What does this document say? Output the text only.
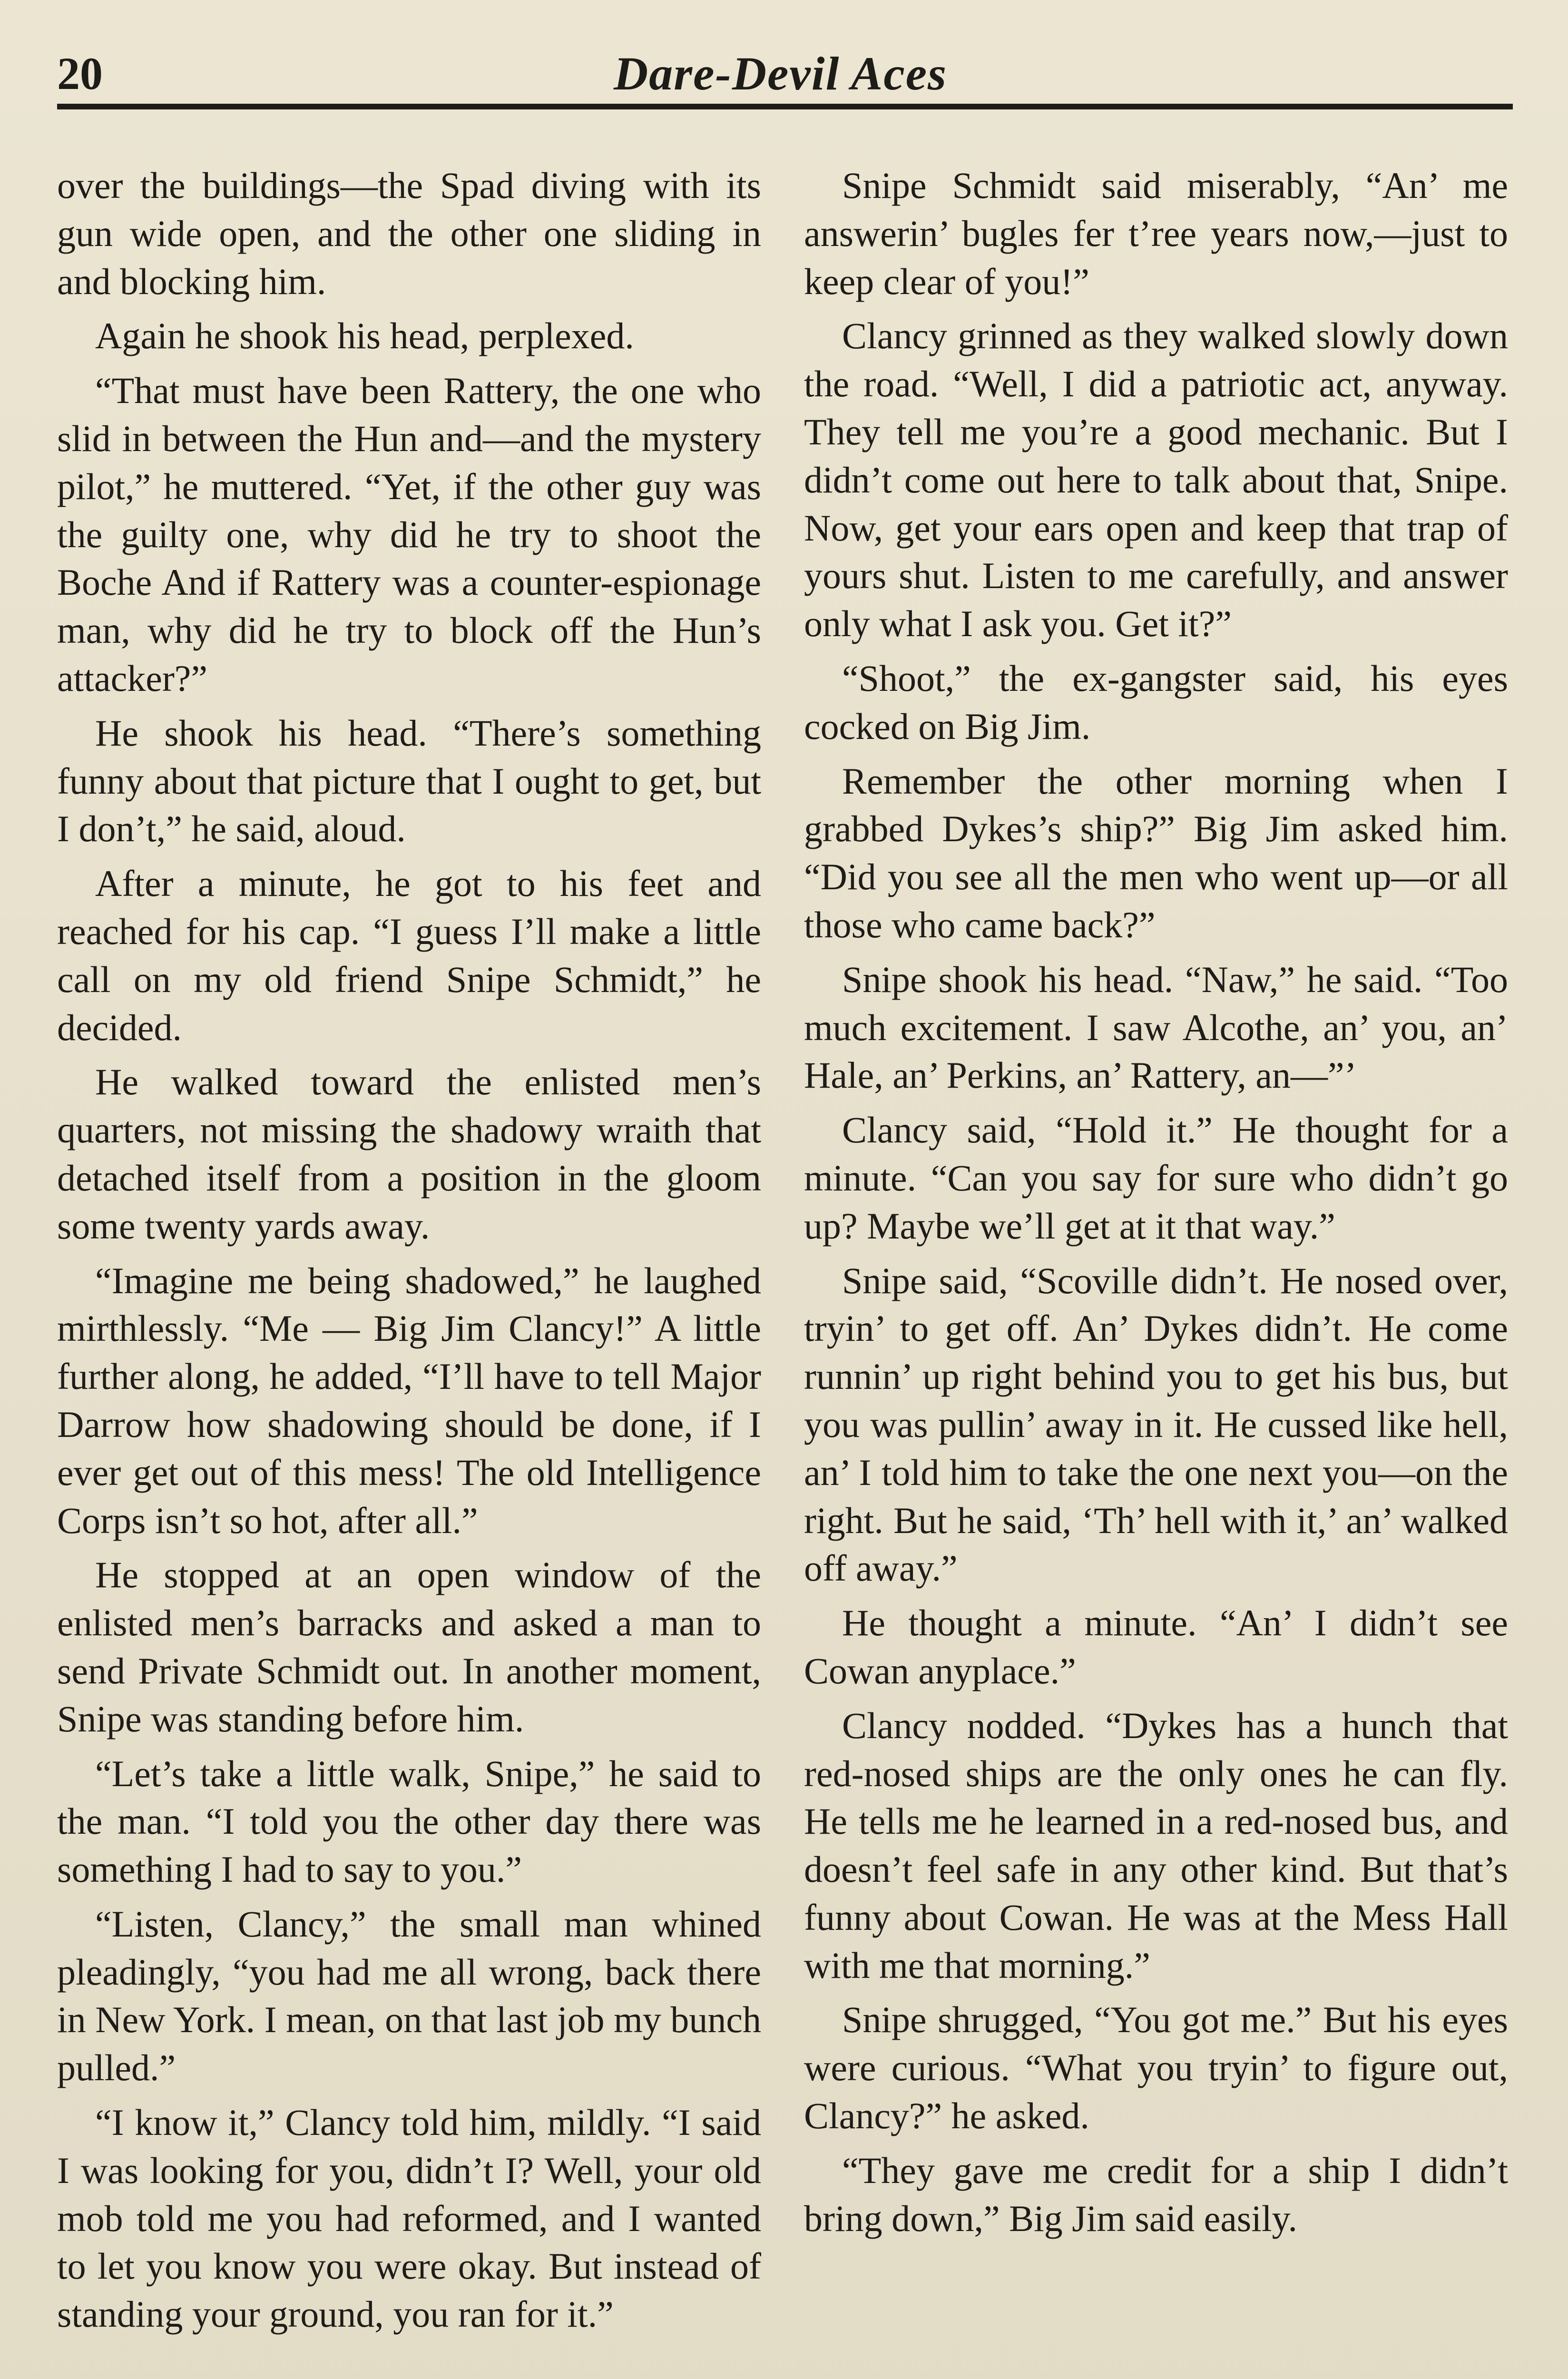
20	Dare-Devil Aces

over the buildings—the Spad diving with its gun wide open, and the other one sliding in and blocking him.

Again he shook his head, perplexed.

“That must have been Rattery, the one who slid in between the Hun and—and the mystery pilot,” he muttered. “Yet, if the other guy was the guilty one, why did he try to shoot the Boche And if Rattery was a counter-espionage man, why did he try to block off the Hun’s attacker?”

He shook his head. “There’s something funny about that picture that I ought to get, but I don’t,” he said, aloud.

After a minute, he got to his feet and reached for his cap. “I guess I’ll make a little call on my old friend Snipe Schmidt,” he decided.

He walked toward the enlisted men’s quarters, not missing the shadowy wraith that detached itself from a position in the gloom some twenty yards away.

“Imagine me being shadowed,” he laughed mirthlessly. “Me — Big Jim Clancy!” A little further along, he added, “I’ll have to tell Major Darrow how shadowing should be done, if I ever get out of this mess! The old Intelligence Corps isn’t so hot, after all.”

He stopped at an open window of the enlisted men’s barracks and asked a man to send Private Schmidt out. In another moment, Snipe was standing before him.

“Let’s take a little walk, Snipe,” he said to the man. “I told you the other day there was something I had to say to you.”

“Listen, Clancy,” the small man whined pleadingly, “you had me all wrong, back there in New York. I mean, on that last job my bunch pulled.”

“I know it,” Clancy told him, mildly. “I said I was looking for you, didn’t I? Well, your old mob told me you had reformed, and I wanted to let you know you were okay. But instead of standing your ground, you ran for it.”

Snipe Schmidt said miserably, “An’ me answerin’ bugles fer t’ree years now,—just to keep clear of you!”

Clancy grinned as they walked slowly down the road. “Well, I did a patriotic act, anyway. They tell me you’re a good mechanic. But I didn’t come out here to talk about that, Snipe. Now, get your ears open and keep that trap of yours shut. Listen to me carefully, and answer only what I ask you. Get it?”

“Shoot,” the ex-gangster said, his eyes cocked on Big Jim.

Remember the other morning when I grabbed Dykes’s ship?” Big Jim asked him. “Did you see all the men who went up—or all those who came back?”

Snipe shook his head. “Naw,” he said. “Too much excitement. I saw Alcothe, an’ you, an’ Hale, an’ Perkins, an’ Rattery, an—”’

Clancy said, “Hold it.” He thought for a minute. “Can you say for sure who didn’t go up? Maybe we’ll get at it that way.”

Snipe said, “Scoville didn’t. He nosed over, tryin’ to get off. An’ Dykes didn’t. He come runnin’ up right behind you to get his bus, but you was pullin’ away in it. He cussed like hell, an’ I told him to take the one next you—on the right. But he said, ‘Th’ hell with it,’ an’ walked off away.”

He thought a minute. “An’ I didn’t see Cowan anyplace.”

Clancy nodded. “Dykes has a hunch that red-nosed ships are the only ones he can fly. He tells me he learned in a red-nosed bus, and doesn’t feel safe in any other kind. But that’s funny about Cowan. He was at the Mess Hall with me that morning.”

Snipe shrugged, “You got me.” But his eyes were curious. “What you tryin’ to figure out, Clancy?” he asked.

“They gave me credit for a ship I didn’t bring down,” Big Jim said easily.
